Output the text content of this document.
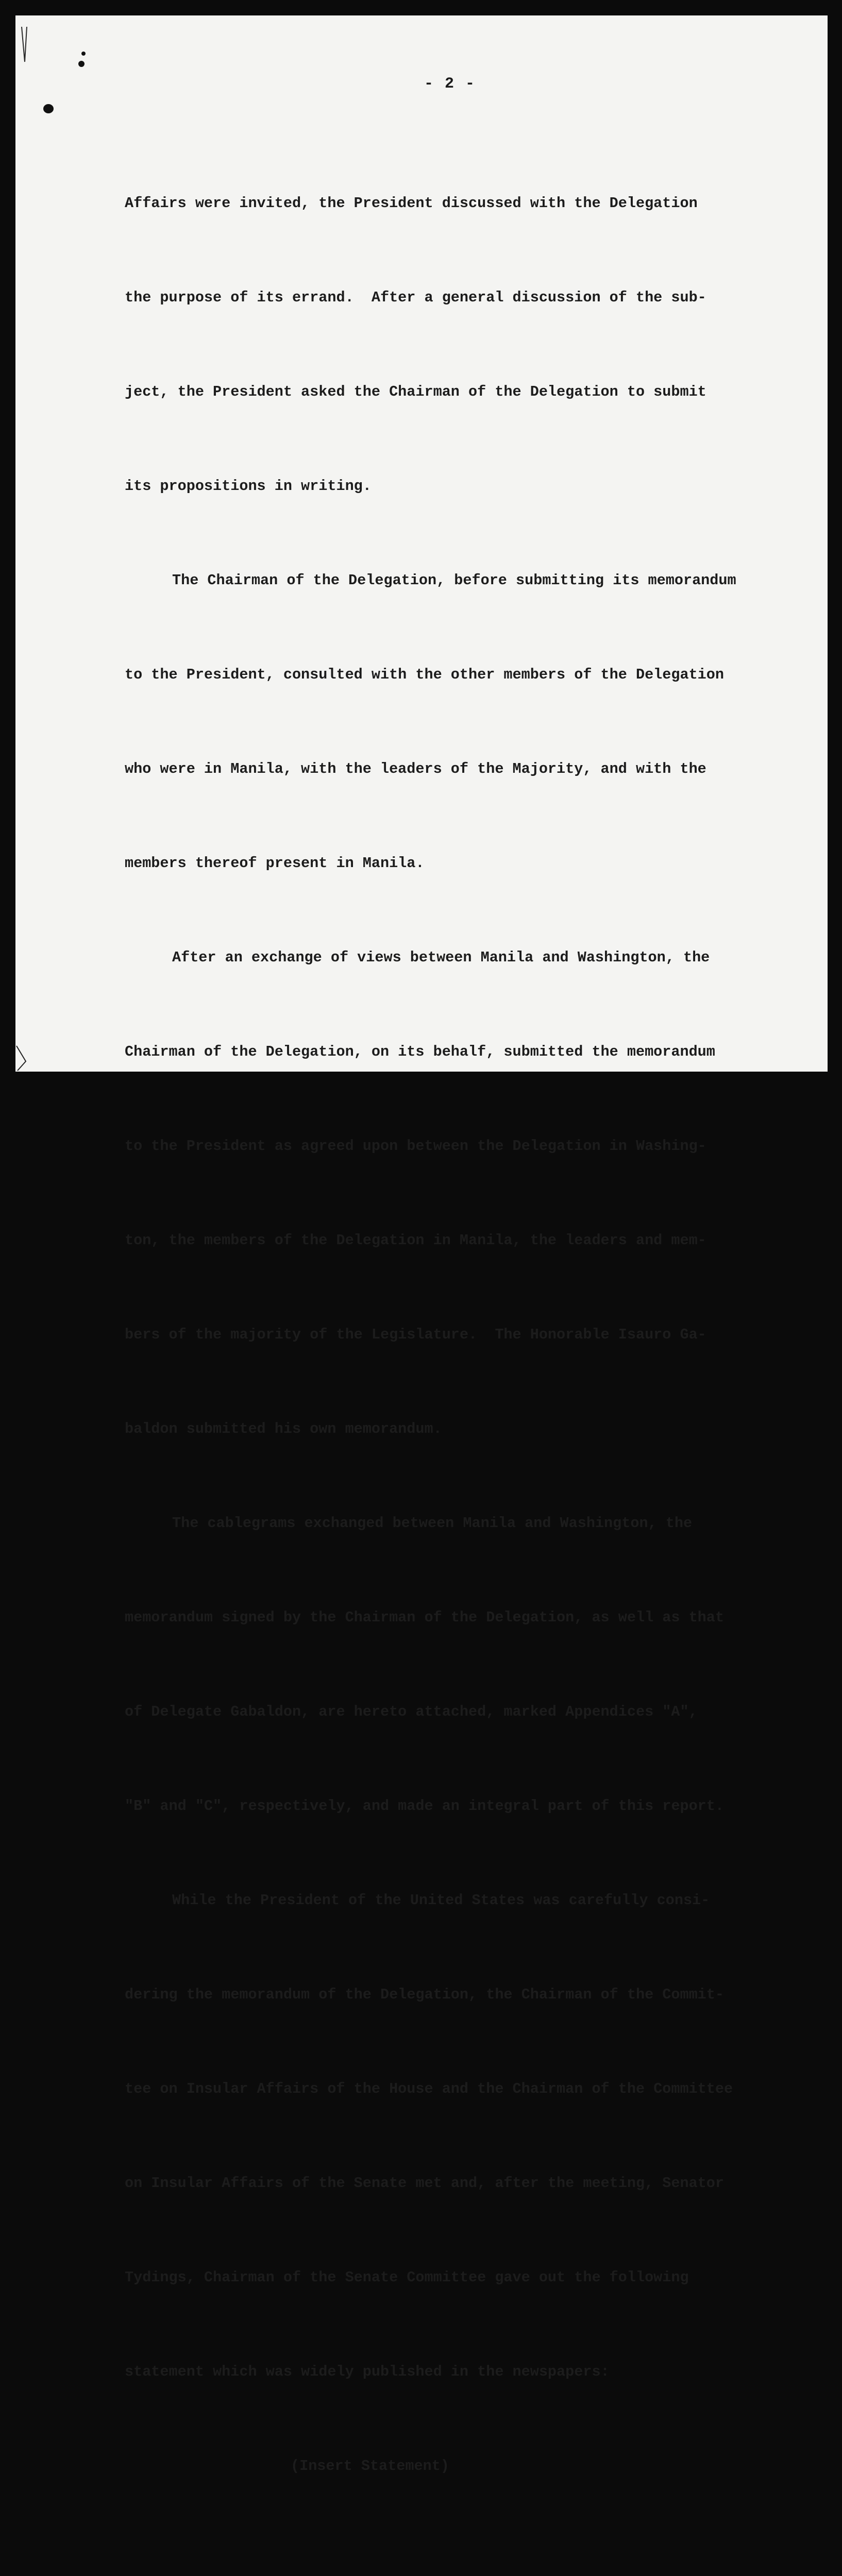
- 2 -

Affairs were invited, the President discussed with the Delegation

the purpose of its errand.  After a general discussion of the sub-

ject, the President asked the Chairman of the Delegation to submit

its propositions in writing.

The Chairman of the Delegation, before submitting its memorandum

to the President, consulted with the other members of the Delegation

who were in Manila, with the leaders of the Majority, and with the

members thereof present in Manila.

After an exchange of views between Manila and Washington, the

Chairman of the Delegation, on its behalf, submitted the memorandum

to the President as agreed upon between the Delegation in Washing-

ton, the members of the Delegation in Manila, the leaders and mem-

bers of the majority of the Legislature.  The Honorable Isauro Ga-

baldon submitted his own memorandum.

The cablegrams exchanged between Manila and Washington, the

memorandum signed by the Chairman of the Delegation, as well as that

of Delegate Gabaldon, are hereto attached, marked Appendices "A",

"B" and "C", respectively, and made an integral part of this report.

While the President of the United States was carefully consi-

dering the memorandum of the Delegation, the Chairman of the Commit-

tee on Insular Affairs of the House and the Chairman of the Committee

on Insular Affairs of the Senate met and, after the meeting, Senator

Tydings, Chairman of the Senate Committee gave out the following

statement which was widely published in the newspapers:

(Insert Statement)
